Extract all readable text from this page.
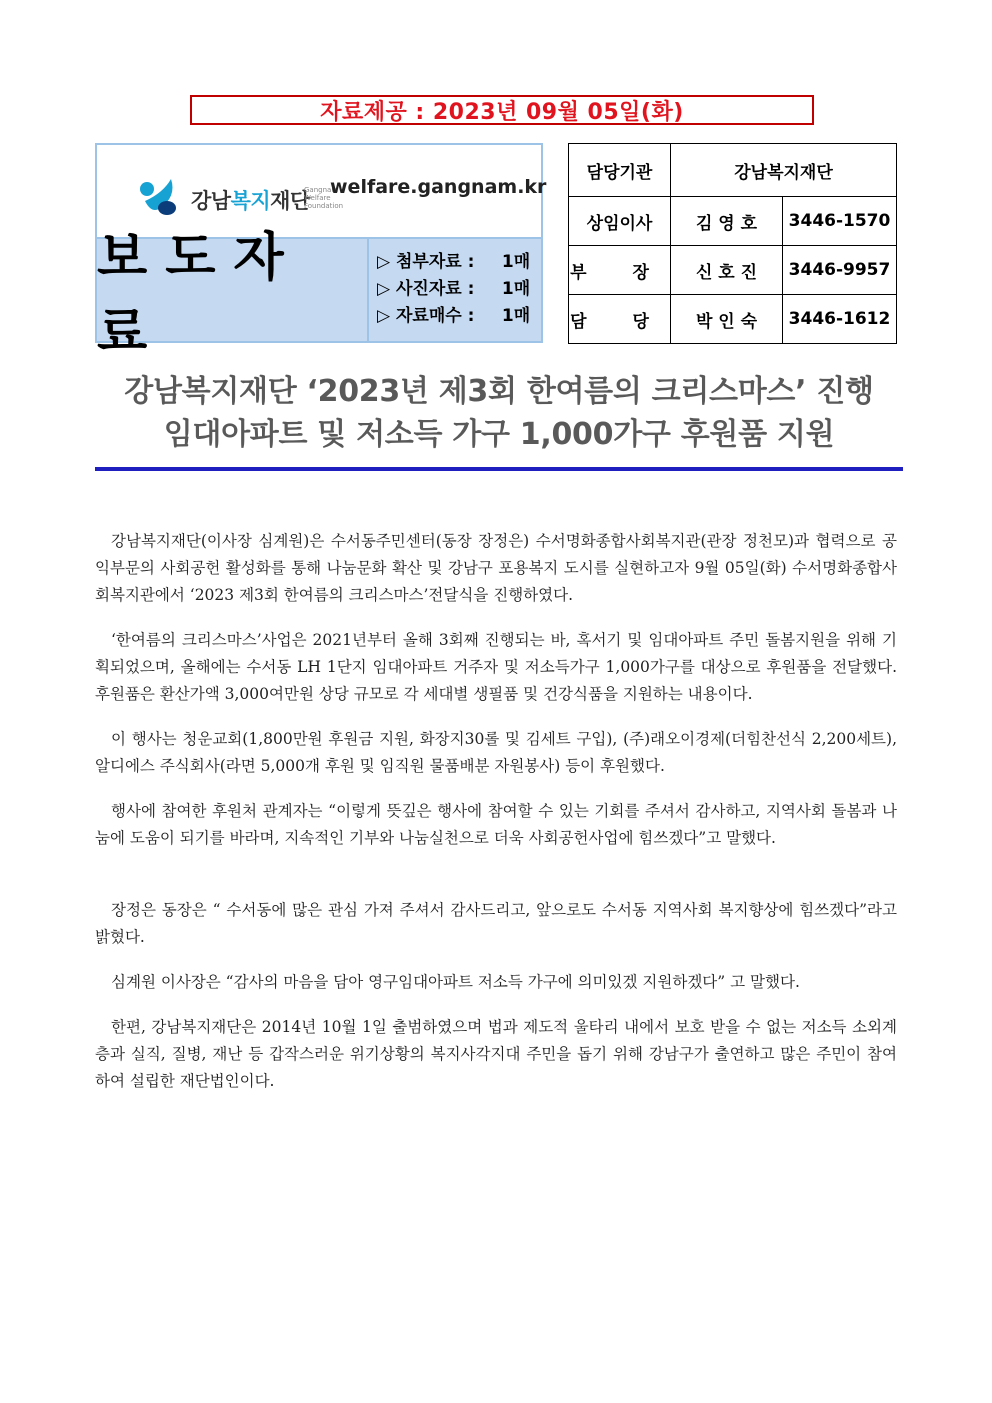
자료제공 : 2023년 09월 05일(화)
강남복지재단
Gangnam
Welfare
Foundation
welfare.gangnam.kr
보도자료
▷
첨부자료 :
	1매
▷
사진자료 :
	1매
▷
자료매수 :
	1매
담당기관	강남복지재단	
상임이사	김 영 호	3446-1570
부 장	신 호 진	3446-9957
담 당	박 인 숙	3446-1612
강남복지재단 ‘2023년 제3회 한여름의 크리스마스’ 진행
임대아파트 및 저소득 가구 1,000가구 후원품 지원

강남복지재단(이사장 심계원)은 수서동주민센터(동장 장정은) 수서명화종합사회복지관(관장 정천모)과 협력으로 공익부문의 사회공헌 활성화를 통해 나눔문화 확산 및 강남구 포용복지 도시를 실현하고자 9월 05일(화) 수서명화종합사회복지관에서 ‘2023 제3회 한여름의 크리스마스’전달식을 진행하였다.

‘한여름의 크리스마스’사업은 2021년부터 올해 3회째 진행되는 바, 혹서기 및 임대아파트 주민 돌봄지원을 위해 기획되었으며, 올해에는 수서동 LH 1단지 임대아파트 거주자 및 저소득가구 1,000가구를 대상으로 후원품을 전달했다. 후원품은 환산가액 3,000여만원 상당 규모로 각 세대별 생필품 및 건강식품을 지원하는 내용이다.

이 행사는 청운교회(1,800만원 후원금 지원, 화장지30롤 및 김세트 구입), (주)래오이경제(더힘찬선식 2,200세트), 알디에스 주식회사(라면 5,000개 후원 및 임직원 물품배분 자원봉사) 등이 후원했다.

행사에 참여한 후원처 관계자는 “이렇게 뜻깊은 행사에 참여할 수 있는 기회를 주셔서 감사하고, 지역사회 돌봄과 나눔에 도움이 되기를 바라며, 지속적인 기부와 나눔실천으로 더욱 사회공헌사업에 힘쓰겠다”고 말했다.

장정은 동장은 “ 수서동에 많은 관심 가져 주셔서 감사드리고, 앞으로도 수서동 지역사회 복지향상에 힘쓰겠다”라고 밝혔다.

심계원 이사장은 “감사의 마음을 담아 영구임대아파트 저소득 가구에 의미있겠 지원하겠다” 고 말했다.

한편, 강남복지재단은 2014년 10월 1일 출범하였으며 법과 제도적 울타리 내에서 보호 받을 수 없는 저소득 소외계층과 실직, 질병, 재난 등 갑작스러운 위기상황의 복지사각지대 주민을 돕기 위해 강남구가 출연하고 많은 주민이 참여하여 설립한 재단법인이다.
